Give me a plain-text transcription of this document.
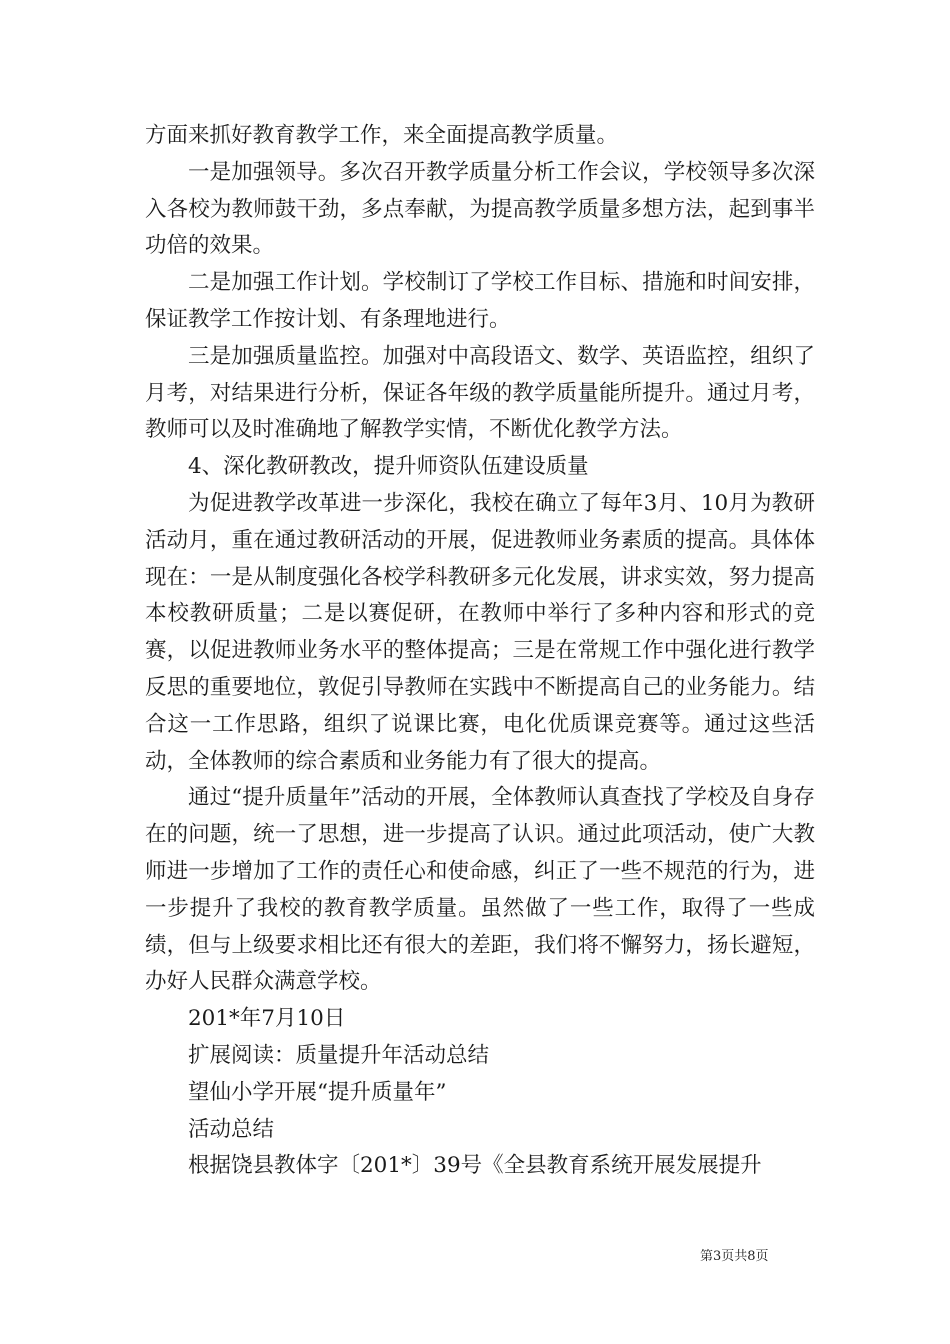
方面来抓好教育教学工作，来全面提高教学质量。

一是加强领导。多次召开教学质量分析工作会议，学校领导多次深入各校为教师鼓干劲，多点奉献，为提高教学质量多想方法，起到事半功倍的效果。

二是加强工作计划。学校制订了学校工作目标、措施和时间安排，保证教学工作按计划、有条理地进行。

三是加强质量监控。加强对中高段语文、数学、英语监控，组织了月考，对结果进行分析，保证各年级的教学质量能所提升。通过月考，教师可以及时准确地了解教学实情，不断优化教学方法。

4、深化教研教改，提升师资队伍建设质量

为促进教学改革进一步深化，我校在确立了每年3月、10月为教研活动月，重在通过教研活动的开展，促进教师业务素质的提高。具体体现在：一是从制度强化各校学科教研多元化发展，讲求实效，努力提高本校教研质量；二是以赛促研，在教师中举行了多种内容和形式的竞赛，以促进教师业务水平的整体提高；三是在常规工作中强化进行教学反思的重要地位，敦促引导教师在实践中不断提高自己的业务能力。结合这一工作思路，组织了说课比赛，电化优质课竞赛等。通过这些活动，全体教师的综合素质和业务能力有了很大的提高。

通过“提升质量年”活动的开展，全体教师认真查找了学校及自身存在的问题，统一了思想，进一步提高了认识。通过此项活动，使广大教师进一步增加了工作的责任心和使命感，纠正了一些不规范的行为，进一步提升了我校的教育教学质量。虽然做了一些工作，取得了一些成绩，但与上级要求相比还有很大的差距，我们将不懈努力，扬长避短，办好人民群众满意学校。

201*年7月10日

扩展阅读：质量提升年活动总结

望仙小学开展“提升质量年”

活动总结

根据饶县教体字〔201*〕39号《全县教育系统开展发展提升

第3页共8页
